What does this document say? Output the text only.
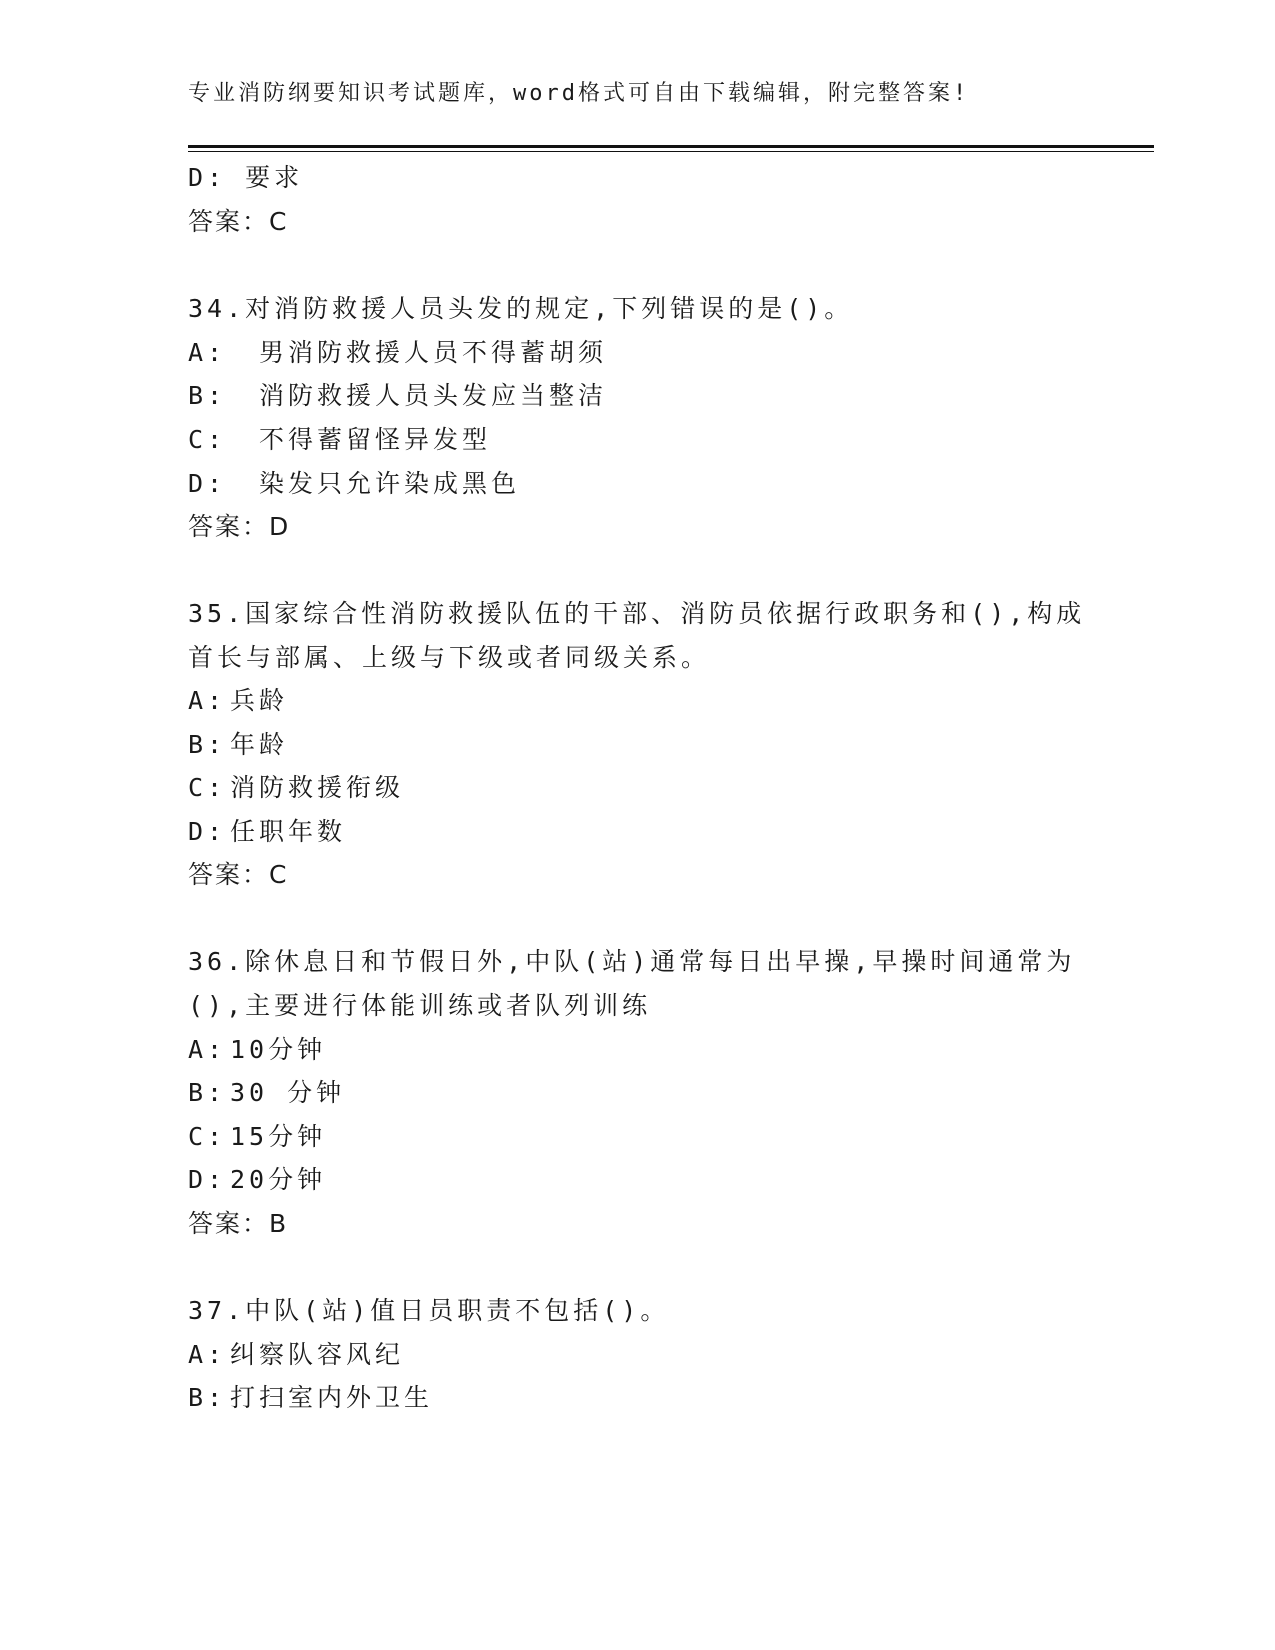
专业消防纲要知识考试题库，word格式可自由下载编辑，附完整答案!
D: 要求
答案：C
34.对消防救援人员头发的规定,下列错误的是()。
A: 男消防救援人员不得蓄胡须
B: 消防救援人员头发应当整洁
C: 不得蓄留怪异发型
D: 染发只允许染成黑色
答案：D
35.国家综合性消防救援队伍的干部、消防员依据行政职务和(),构成
首长与部属、上级与下级或者同级关系。
A: 兵龄
B: 年龄
C: 消防救援衔级
D: 任职年数
答案：C
36.除休息日和节假日外,中队(站)通常每日出早操,早操时间通常为
(),主要进行体能训练或者队列训练
A: 10分钟
B: 30 分钟
C: 15分钟
D: 20分钟
答案：B
37.中队(站)值日员职责不包括()。
A: 纠察队容风纪
B: 打扫室内外卫生
